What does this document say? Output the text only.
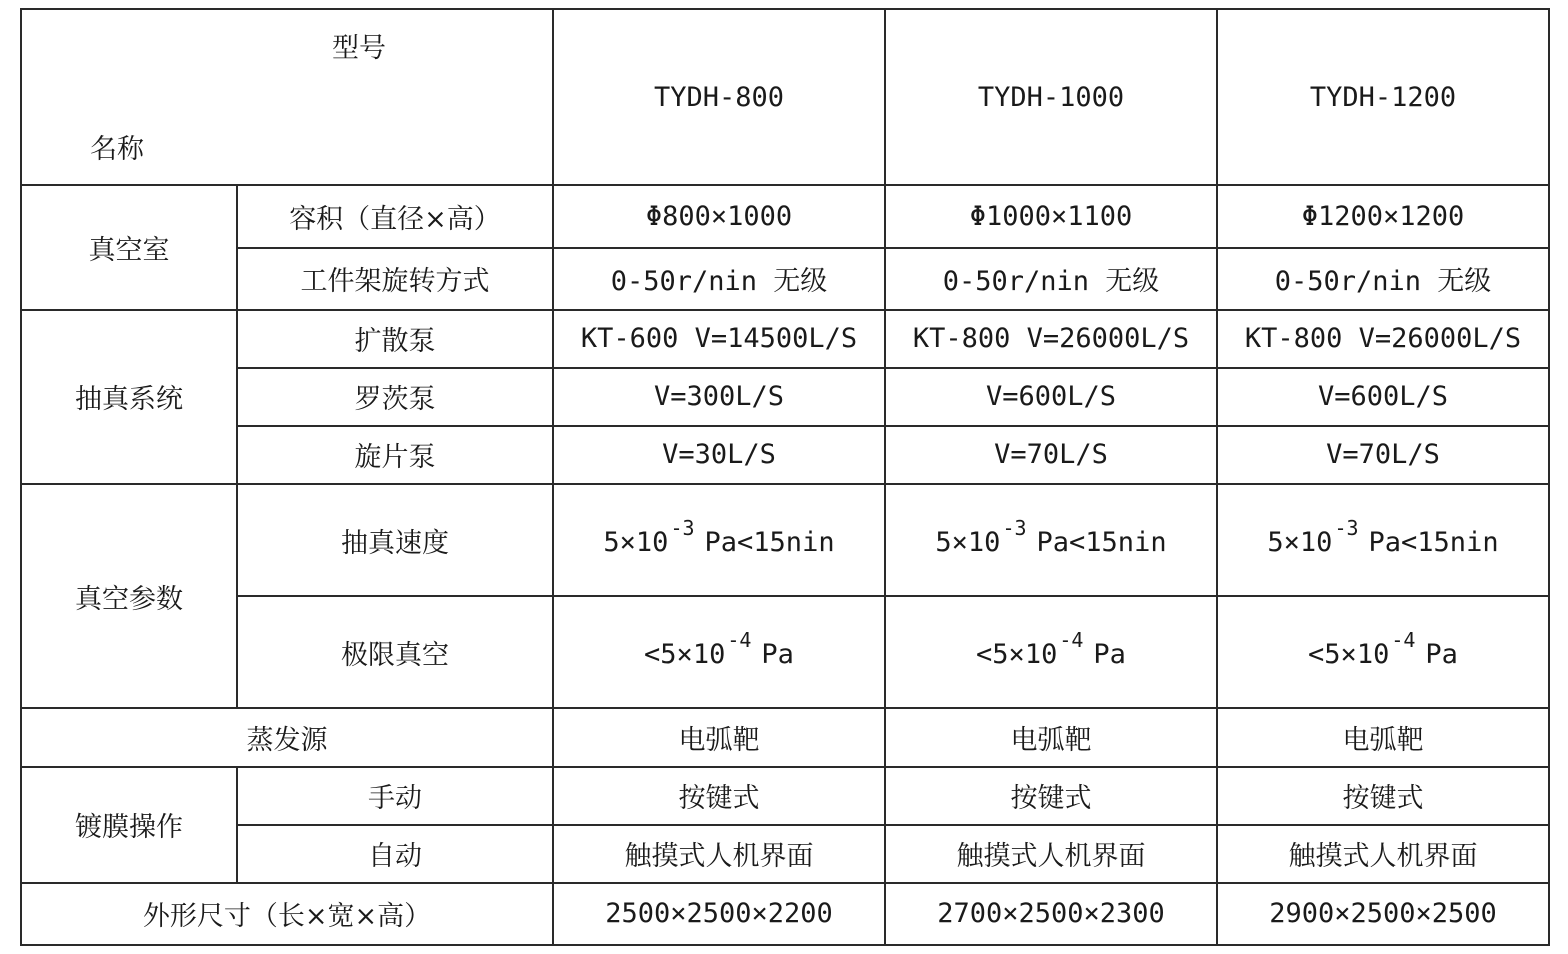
型号
名称		TYDH-800	TYDH-1000	TYDH-1200
真空室	容积（直径×高）	Φ800×1000	Φ1000×1100	Φ1200×1200
	工件架旋转方式	0-50r/nin 无级	0-50r/nin 无级	0-50r/nin 无级
抽真系统	扩散泵	KT-600 V=14500L/S	KT-800 V=26000L/S	KT-800 V=26000L/S
	罗茨泵	V=300L/S	V=600L/S	V=600L/S
	旋片泵	V=30L/S	V=70L/S	V=70L/S
真空参数	抽真速度	5×10 $^{-3}$ Pa<15nin	5×10 $^{-3}$ Pa<15nin	5×10 $^{-3}$ Pa<15nin
	极限真空	<5×10 $^{-4}$ Pa	<5×10 $^{-4}$ Pa	<5×10 $^{-4}$ Pa
蒸发源		电弧靶	电弧靶	电弧靶
镀膜操作	手动	按键式	按键式	按键式
	自动	触摸式人机界面	触摸式人机界面	触摸式人机界面
外形尺寸（长×宽×高）		2500×2500×2200	2700×2500×2300	2900×2500×2500
